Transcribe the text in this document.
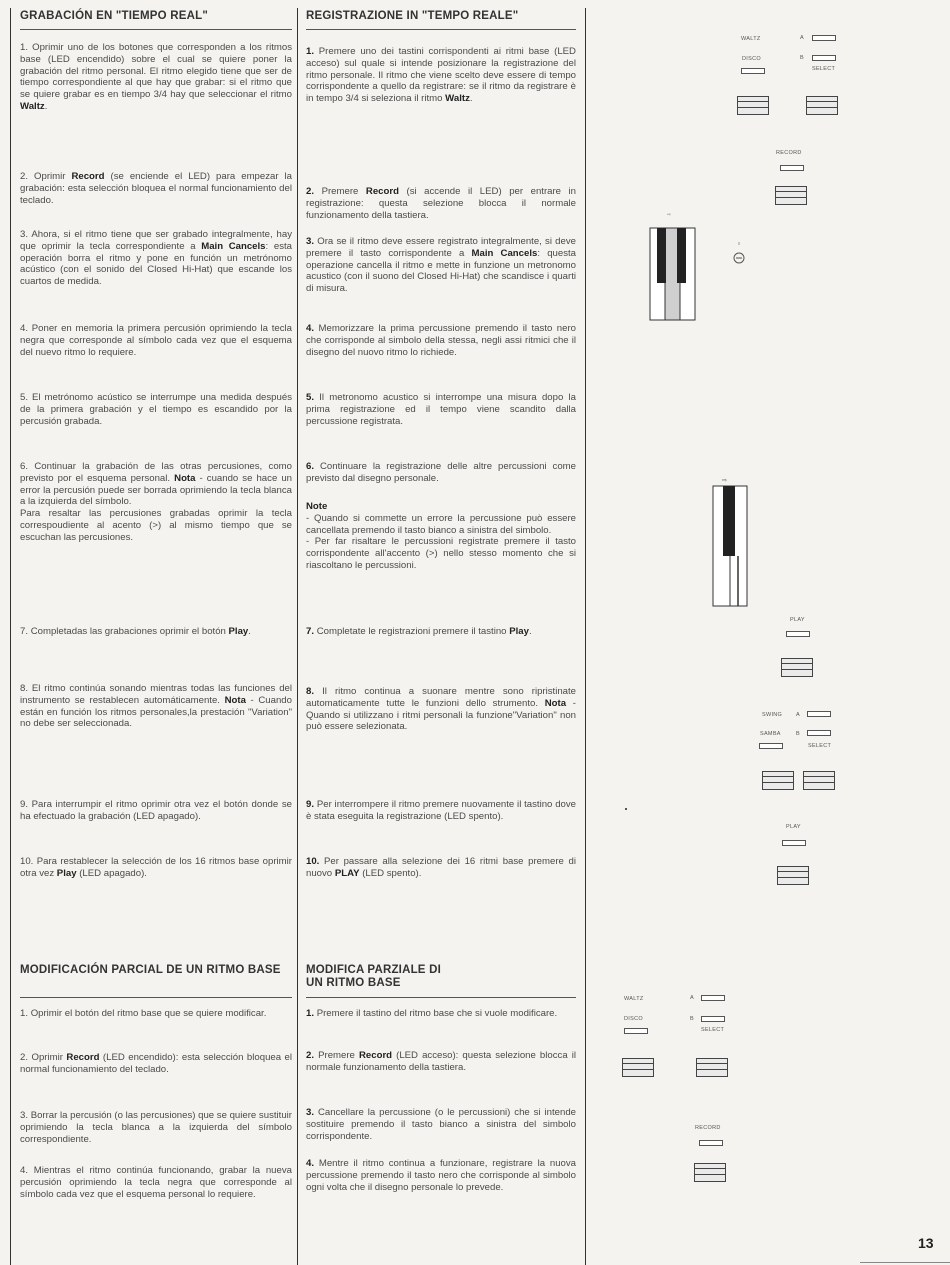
GRABACIÓN EN "TIEMPO REAL"

1. Oprimir uno de los botones que corresponden a los ritmos base (LED encendido) sobre el cual se quiere poner la grabación del ritmo personal. El ritmo elegido tiene que ser de tiempo correspondiente al que hay que grabar: si el ritmo que se quiere grabar es en tiempo 3/4 hay que seleccionar el ritmo Waltz.

2. Oprimir Record (se enciende el LED) para empezar la grabación: esta selección bloquea el normal funcionamiento del teclado.

3. Ahora, si el ritmo tiene que ser grabado integralmente, hay que oprimir la tecla correspondiente a Main Cancels: esta operación borra el ritmo y pone en función un metrónomo acústico (con el sonido del Closed Hi-Hat) que escande los cuartos de medida.

4. Poner en memoria la primera percusión oprimiendo la tecla negra que corresponde al símbolo cada vez que el esquema del nuevo ritmo lo requiere.

5. El metrónomo acústico se interrumpe una medida después de la primera grabación y el tiempo es escandido por la percusión grabada.

6. Continuar la grabación de las otras percusiones, como previsto por el esquema personal. Nota - cuando se hace un error la percusión puede ser borrada oprimiendo la tecla blanca a la izquierda del símbolo.
Para resaltar las percusiones grabadas oprimir la tecla correspoudiente al acento (>) al mismo tiempo que se escuchan las percusiones.

7. Completadas las grabaciones oprimir el botón Play.

8. El ritmo continúa sonando mientras todas las funciones del instrumento se restablecen automáticamente. Nota - Cuando están en función los ritmos personales,la prestación "Variation" no debe ser seleccionada.

9. Para interrumpir el ritmo oprimir otra vez el botón donde se ha efectuado la grabación (LED apagado).

10. Para restablecer la selección de los 16 ritmos base oprimir otra vez Play (LED apagado).

MODIFICACIÓN PARCIAL DE UN RITMO BASE

1. Oprimir el botón del ritmo base que se quiere modificar.

2. Oprimir Record (LED encendido): esta selección bloquea el normal funcionamiento del teclado.

3. Borrar la percusión (o las percusiones) que se quiere sustituir oprimiendo la tecla blanca a la izquierda del símbolo correspondiente.

4. Mientras el ritmo continúa funcionando, grabar la nueva percusión oprimiendo la tecla negra que corresponde al símbolo cada vez que el esquema personal lo requiere.

REGISTRAZIONE IN "TEMPO REALE"

1. Premere uno dei tastini corrispondenti ai ritmi base (LED acceso) sul quale si intende posizionare la registrazione del ritmo personale. Il ritmo che viene scelto deve essere di tempo corrispondente a quello da registrare: se il ritmo da registrare è in tempo 3/4 si seleziona il ritmo Waltz.

2. Premere Record (si accende il LED) per entrare in registrazione: questa selezione blocca il normale funzionamento della tastiera.

3. Ora se il ritmo deve essere registrato integralmente, si deve premere il tasto corrispondente a Main Cancels: questa operazione cancella il ritmo e mette in funzione un metronomo acustico (con il suono del Closed Hi-Hat) che scandisce i quarti di misura.

4. Memorizzare la prima percussione premendo il tasto nero che corrisponde al simbolo della stessa, negli assi ritmici che il disegno del nuovo ritmo lo richiede.

5. Il metronomo acustico si interrompe una misura dopo la prima registrazione ed il tempo viene scandito dalla percussione registrata.

6. Continuare la registrazione delle altre percussioni come previsto dal disegno personale.

Note
- Quando si commette un errore la percussione può essere cancellata premendo il tasto bianco a sinistra del simbolo.
- Per far risaltare le percussioni registrate premere il tasto corrispondente all'accento (>) nello stesso momento che si riascoltano le percussioni.

7. Completate le registrazioni premere il tastino Play.

8. Il ritmo continua a suonare mentre sono ripristinate automaticamente tutte le funzioni dello strumento. Nota - Quando si utilizzano i ritmi personali la funzione"Variation" non può essere selezionata.

9. Per interrompere il ritmo premere nuovamente il tastino dove è stata eseguita la registrazione (LED spento).

10. Per passare alla selezione dei 16 ritmi base premere di nuovo PLAY (LED spento).

MODIFICA PARZIALE DI UN RITMO BASE

1. Premere il tastino del ritmo base che si vuole modificare.

2. Premere Record (LED acceso): questa selezione blocca il normale funzionamento della tastiera.

3. Cancellare la percussione (o le percussioni) che si intende sostituire premendo il tasto bianco a sinistra del simbolo corrispondente.

4. Mentre il ritmo continua a funzionare, registrare la nuova percussione premendo il tasto nero che corrisponde al simbolo ogni volta che il disegno personale lo prevede.

WALTZ
DISCO
A
B
SELECT
RECORD
⇨
⇨
PLAY
SWING	A
SAMBA	B
SELECT
PLAY
WALTZ
DISCO
A
B
SELECT
RECORD
13
